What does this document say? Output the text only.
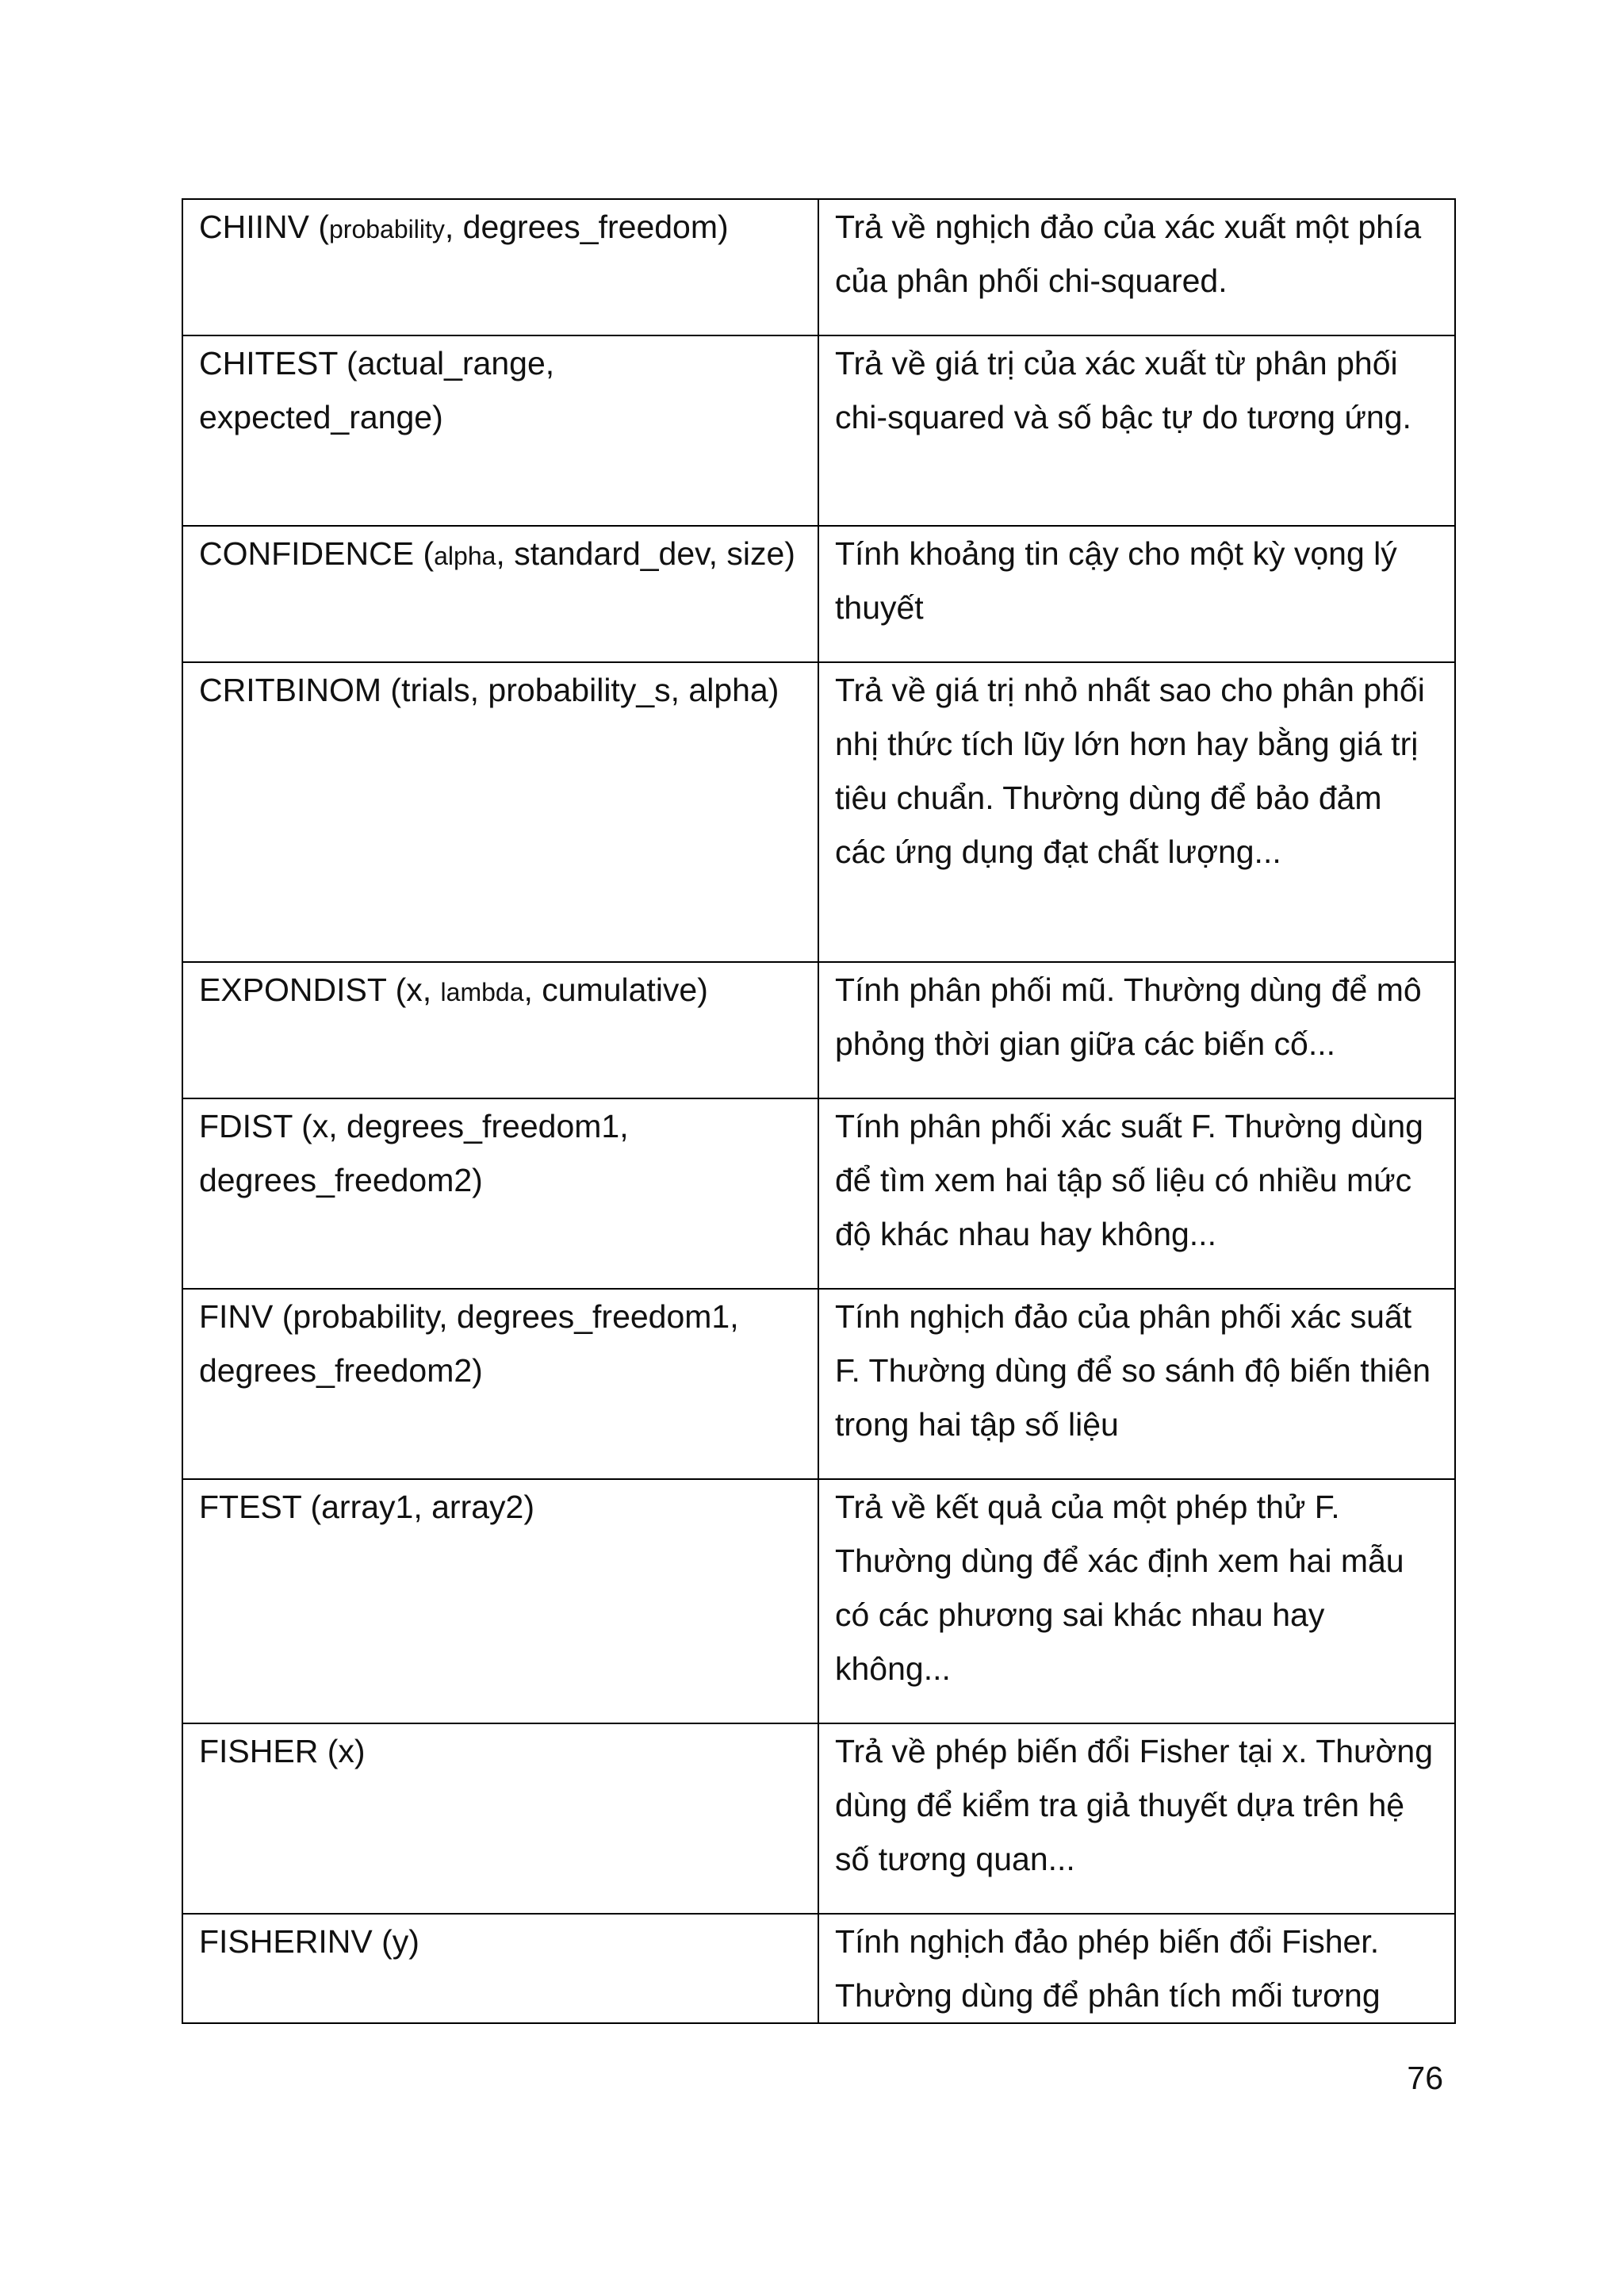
CHIINV (probability, degrees_freedom)	Trả về nghịch đảo của xác xuất một phía của phân phối chi-squared.
CHITEST (actual_range, expected_range)	Trả về giá trị của xác xuất từ phân phối chi-squared và số bậc tự do tương ứng.
CONFIDENCE (alpha, standard_dev, size)	Tính khoảng tin cậy cho một kỳ vọng lý thuyết
CRITBINOM (trials, probability_s, alpha)	Trả về giá trị nhỏ nhất sao cho phân phối nhị thức tích lũy lớn hơn hay bằng giá trị tiêu chuẩn. Thường dùng để bảo đảm các ứng dụng đạt chất lượng...
EXPONDIST (x, lambda, cumulative)	Tính phân phối mũ. Thường dùng để mô phỏng thời gian giữa các biến cố...
FDIST (x, degrees_freedom1, degrees_freedom2)	Tính phân phối xác suất F. Thường dùng để tìm xem hai tập số liệu có nhiều mức độ khác nhau hay không...
FINV (probability, degrees_freedom1, degrees_freedom2)	Tính nghịch đảo của phân phối xác suất F. Thường dùng để so sánh độ biến thiên trong hai tập số liệu
FTEST (array1, array2)	Trả về kết quả của một phép thử F. Thường dùng để xác định xem hai mẫu có các phương sai khác nhau hay không...
FISHER (x)	Trả về phép biến đổi Fisher tại x. Thường dùng để kiểm tra giả thuyết dựa trên hệ số tương quan...
FISHERINV (y)	Tính nghịch đảo phép biến đổi Fisher. Thường dùng để phân tích mối tương
76
